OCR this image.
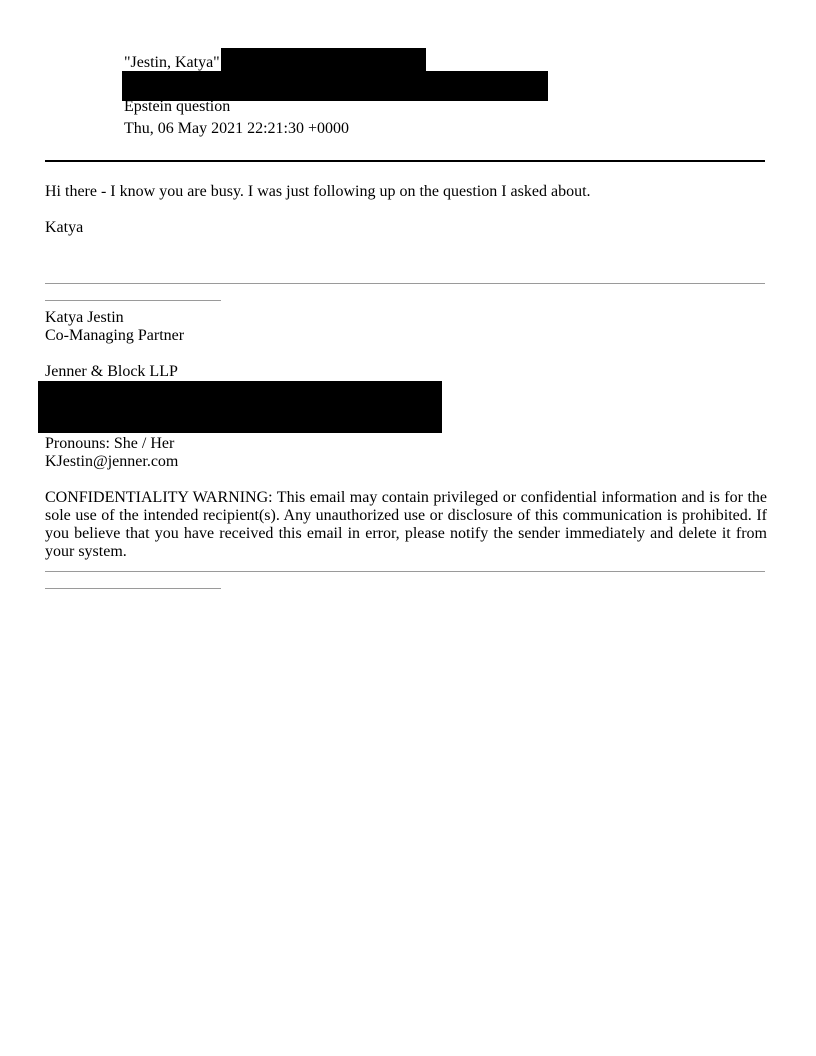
"Jestin, Katya"
Epstein question
Thu, 06 May 2021 22:21:30 +0000
Hi there - I know you are busy. I was just following up on the question I asked about.
Katya
Katya Jestin
Co-Managing Partner
Jenner & Block LLP
Pronouns: She / Her
KJestin@jenner.com
CONFIDENTIALITY WARNING: This email may contain privileged or confidential information and is for the sole use of the intended recipient(s). Any unauthorized use or disclosure of this communication is prohibited. If you believe that you have received this email in error, please notify the sender immediately and delete it from your system.
